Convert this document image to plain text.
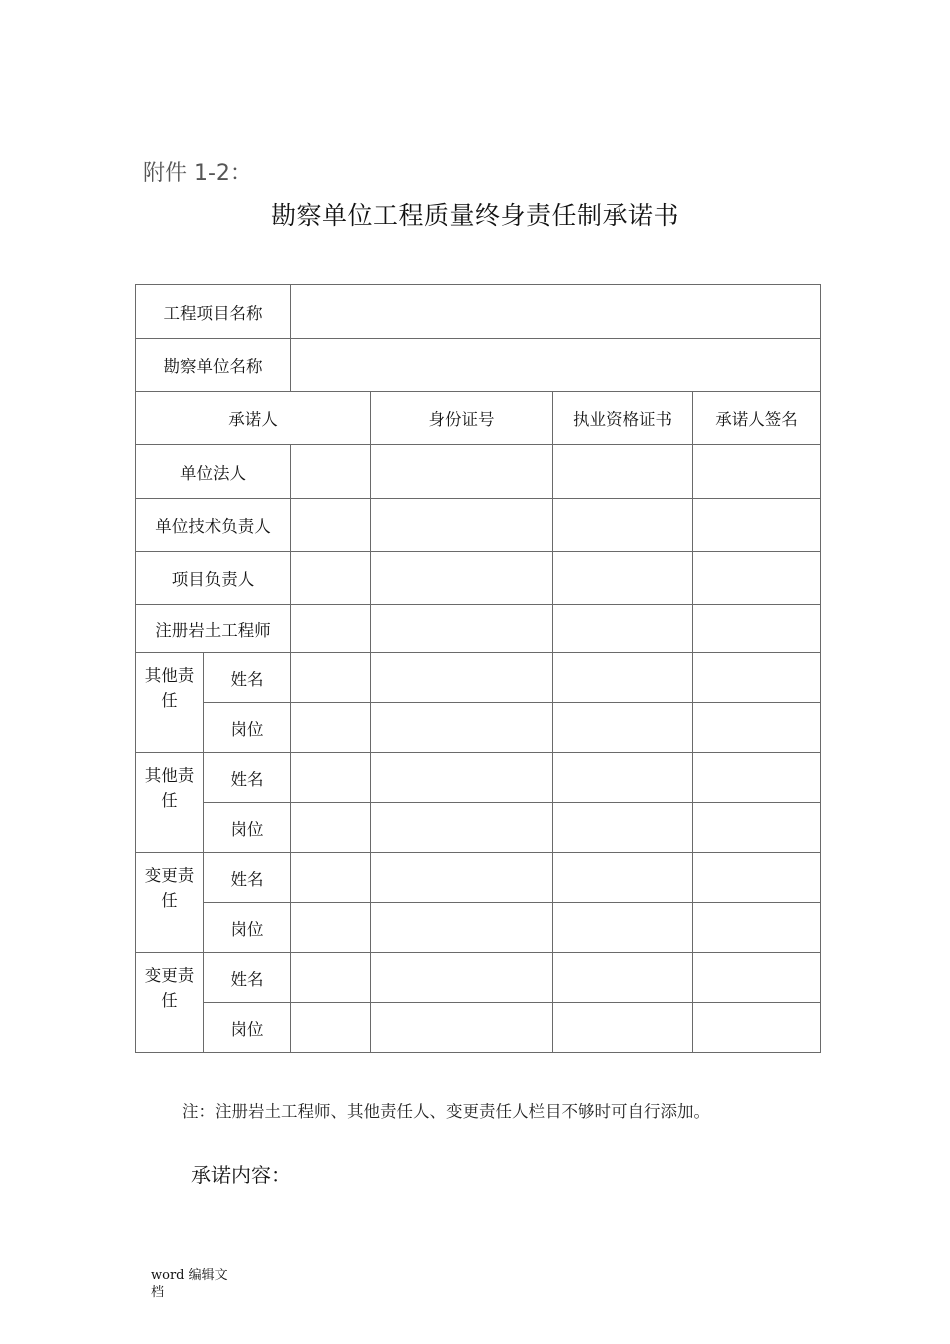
附件 1-2：
勘察单位工程质量终身责任制承诺书
工程项目名称					
勘察单位名称					
承诺人			身份证号	执业资格证书	承诺人签名
单位法人					
单位技术负责人					
项目负责人					
注册岩土工程师					
其他责任	姓名				
	岗位				
其他责任	姓名				
	岗位				
变更责任	姓名				
	岗位				
变更责任	姓名				
	岗位				
注：注册岩土工程师、其他责任人、变更责任人栏目不够时可自行添加。
承诺内容：
word 编辑文档
